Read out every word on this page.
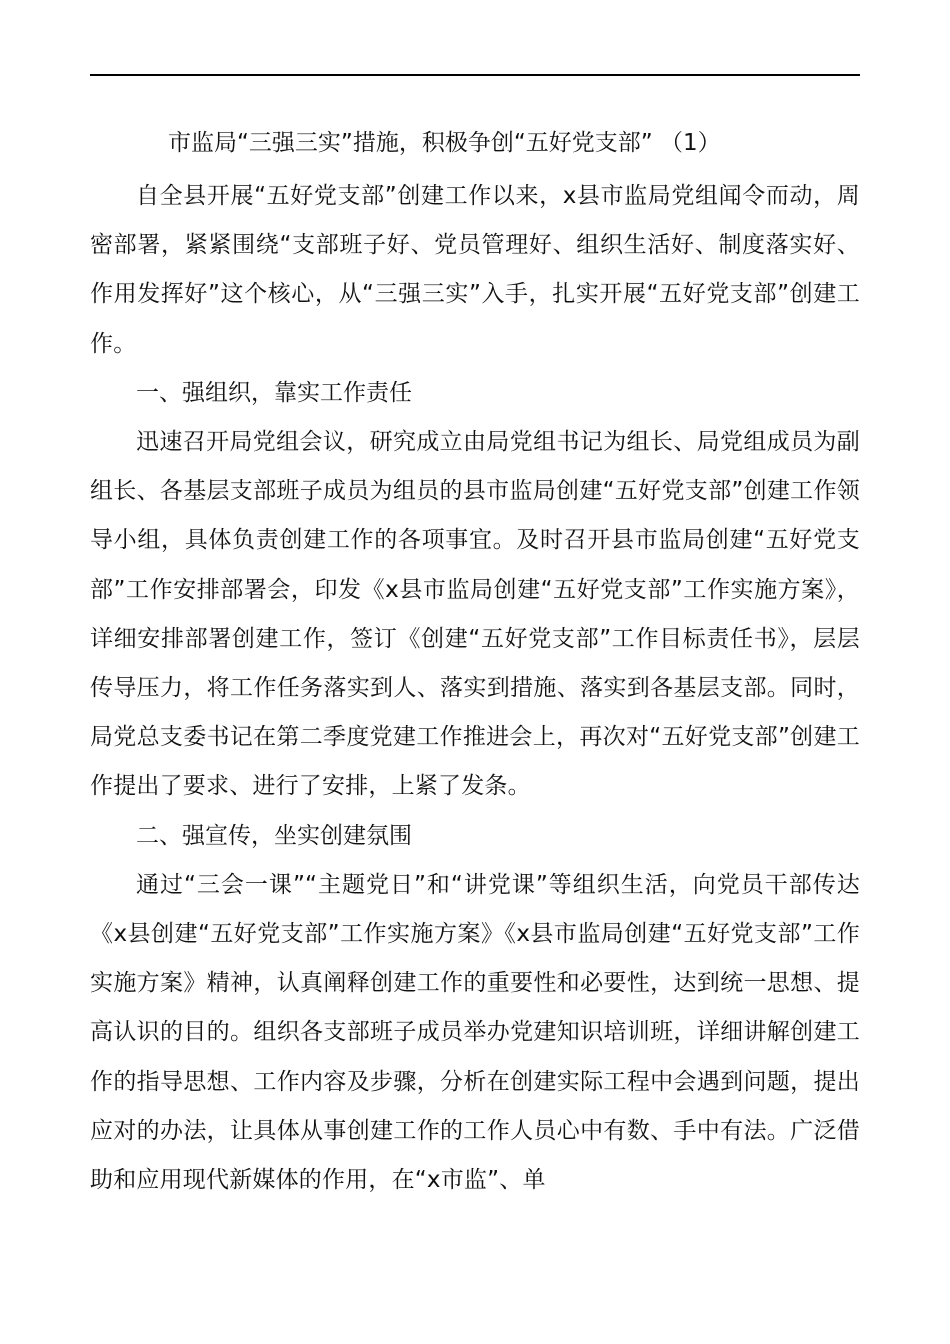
市监局“三强三实”措施，积极争创“五好党支部” （1）

自全县开展“五好党支部”创建工作以来，x县市监局党组闻令而动，周密部署，紧紧围绕“支部班子好、党员管理好、组织生活好、制度落实好、作用发挥好”这个核心，从“三强三实”入手，扎实开展“五好党支部”创建工作。

一、强组织，靠实工作责任

迅速召开局党组会议，研究成立由局党组书记为组长、局党组成员为副组长、各基层支部班子成员为组员的县市监局创建“五好党支部”创建工作领导小组，具体负责创建工作的各项事宜。及时召开县市监局创建“五好党支部”工作安排部署会，印发《x县市监局创建“五好党支部”工作实施方案》，详细安排部署创建工作，签订《创建“五好党支部”工作目标责任书》，层层传导压力，将工作任务落实到人、落实到措施、落实到各基层支部。同时，局党总支委书记在第二季度党建工作推进会上，再次对“五好党支部”创建工作提出了要求、进行了安排，上紧了发条。

二、强宣传，坐实创建氛围

通过“三会一课”“主题党日”和“讲党课”等组织生活，向党员干部传达《x县创建“五好党支部”工作实施方案》《x县市监局创建“五好党支部”工作实施方案》精神，认真阐释创建工作的重要性和必要性，达到统一思想、提高认识的目的。组织各支部班子成员举办党建知识培训班，详细讲解创建工作的指导思想、工作内容及步骤，分析在创建实际工程中会遇到问题，提出应对的办法，让具体从事创建工作的工作人员心中有数、手中有法。广泛借助和应用现代新媒体的作用，在“x市监”、单
